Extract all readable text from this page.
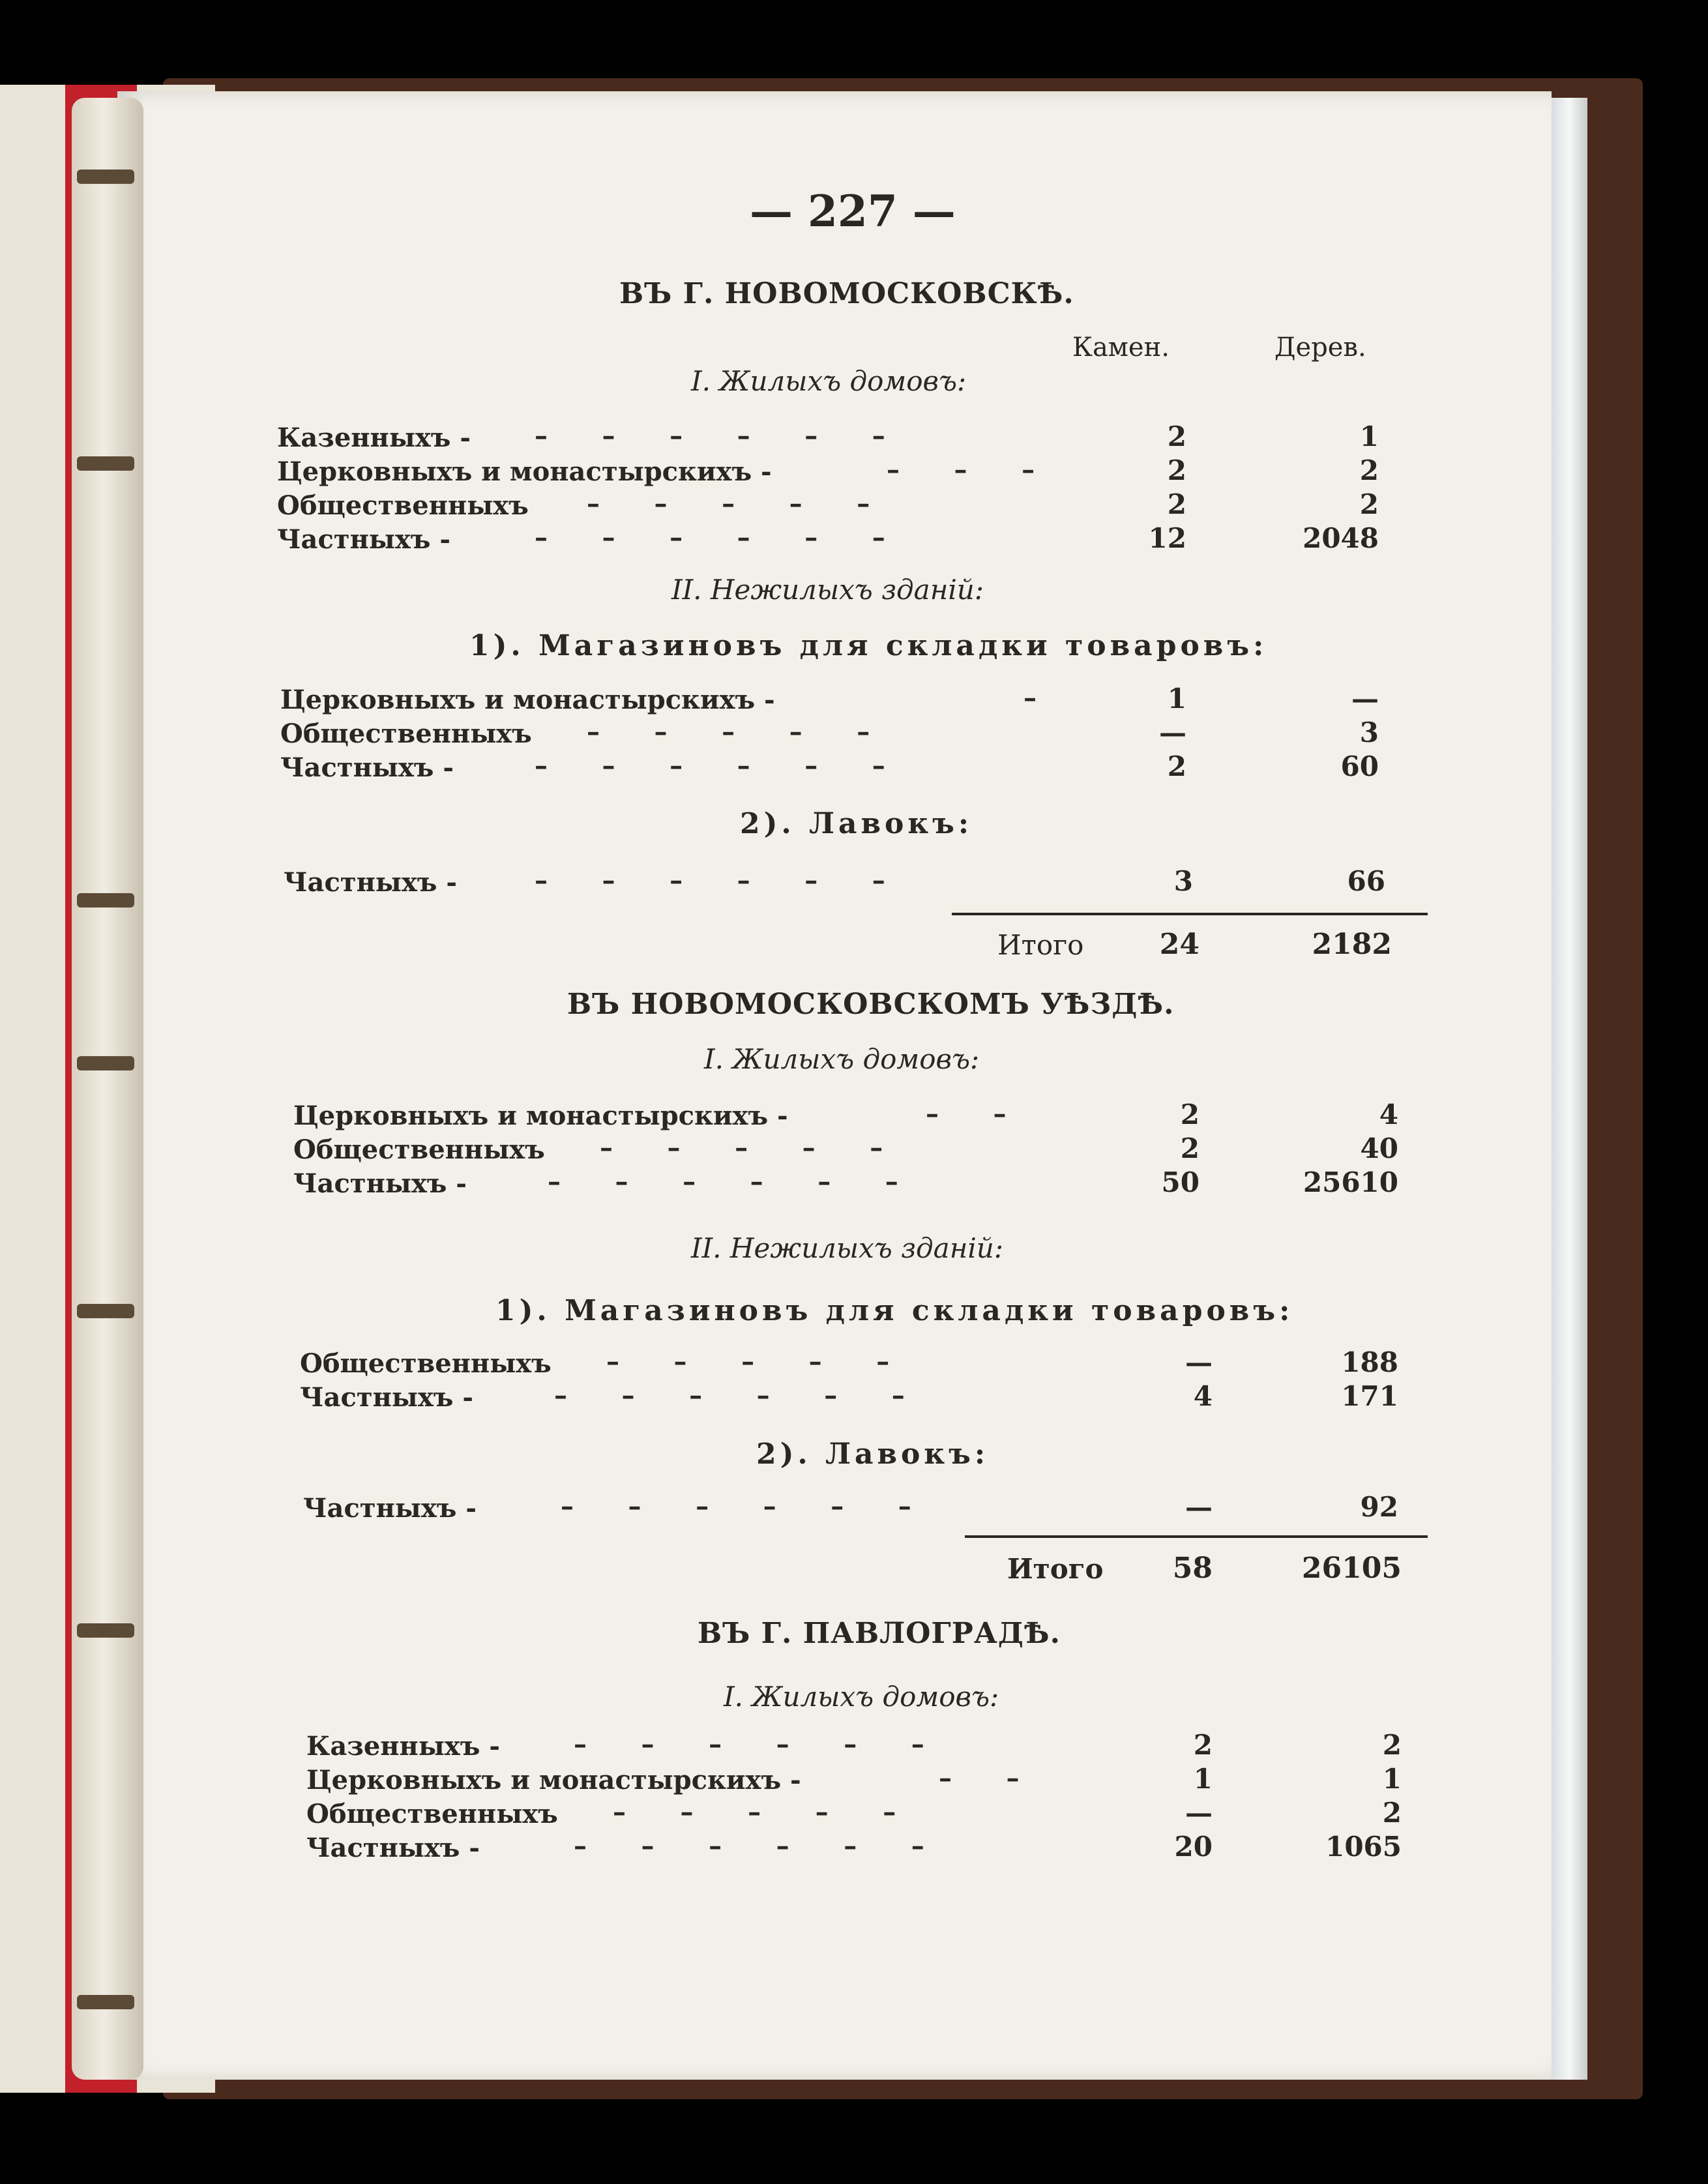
— 227 —
ВЪ Г. НОВОМОСКОВСКѢ.
Камен.	Дерев.
I. Жилыхъ домовъ:
Казенныхъ - –      –      –      –      –      –	2	1
Церковныхъ и монастырскихъ -	–      –      –	2	2
Общественныхъ –      –      –      –      –	2	2
Частныхъ -	–      –      –      –      –      –	12	2048
II. Нежилыхъ зданій:
1). Магазиновъ для складки товаровъ:
Церковныхъ и монастырскихъ -	–	1	—
Общественныхъ –      –      –      –      –	—	3
Частныхъ -	–      –      –      –      –      –	2	60
2). Лавокъ:
Частныхъ -	–      –      –      –      –      –	3	66
Итого	24	2182
ВЪ НОВОМОСКОВСКОМЪ УѢЗДѢ.
I. Жилыхъ домовъ:
Церковныхъ и монастырскихъ -	–      –	2	4
Общественныхъ –      –      –      –      –	2	40
Частныхъ -	–      –      –      –      –      –	50	25610
II. Нежилыхъ зданій:
1). Магазиновъ для складки товаровъ:
Общественныхъ –      –      –      –      –	—	188
Частныхъ -	–      –      –      –      –      –	4	171
2). Лавокъ:
Частныхъ -	–      –      –      –      –      –	—	92
Итого	58	26105
ВЪ Г. ПАВЛОГРАДѢ.
I. Жилыхъ домовъ:
Казенныхъ -	–      –      –      –      –      –	2	2
Церковныхъ и монастырскихъ -	–      –	1	1
Общественныхъ –      –      –      –      –	—	2
Частныхъ -	–      –      –      –      –      –	20	1065
